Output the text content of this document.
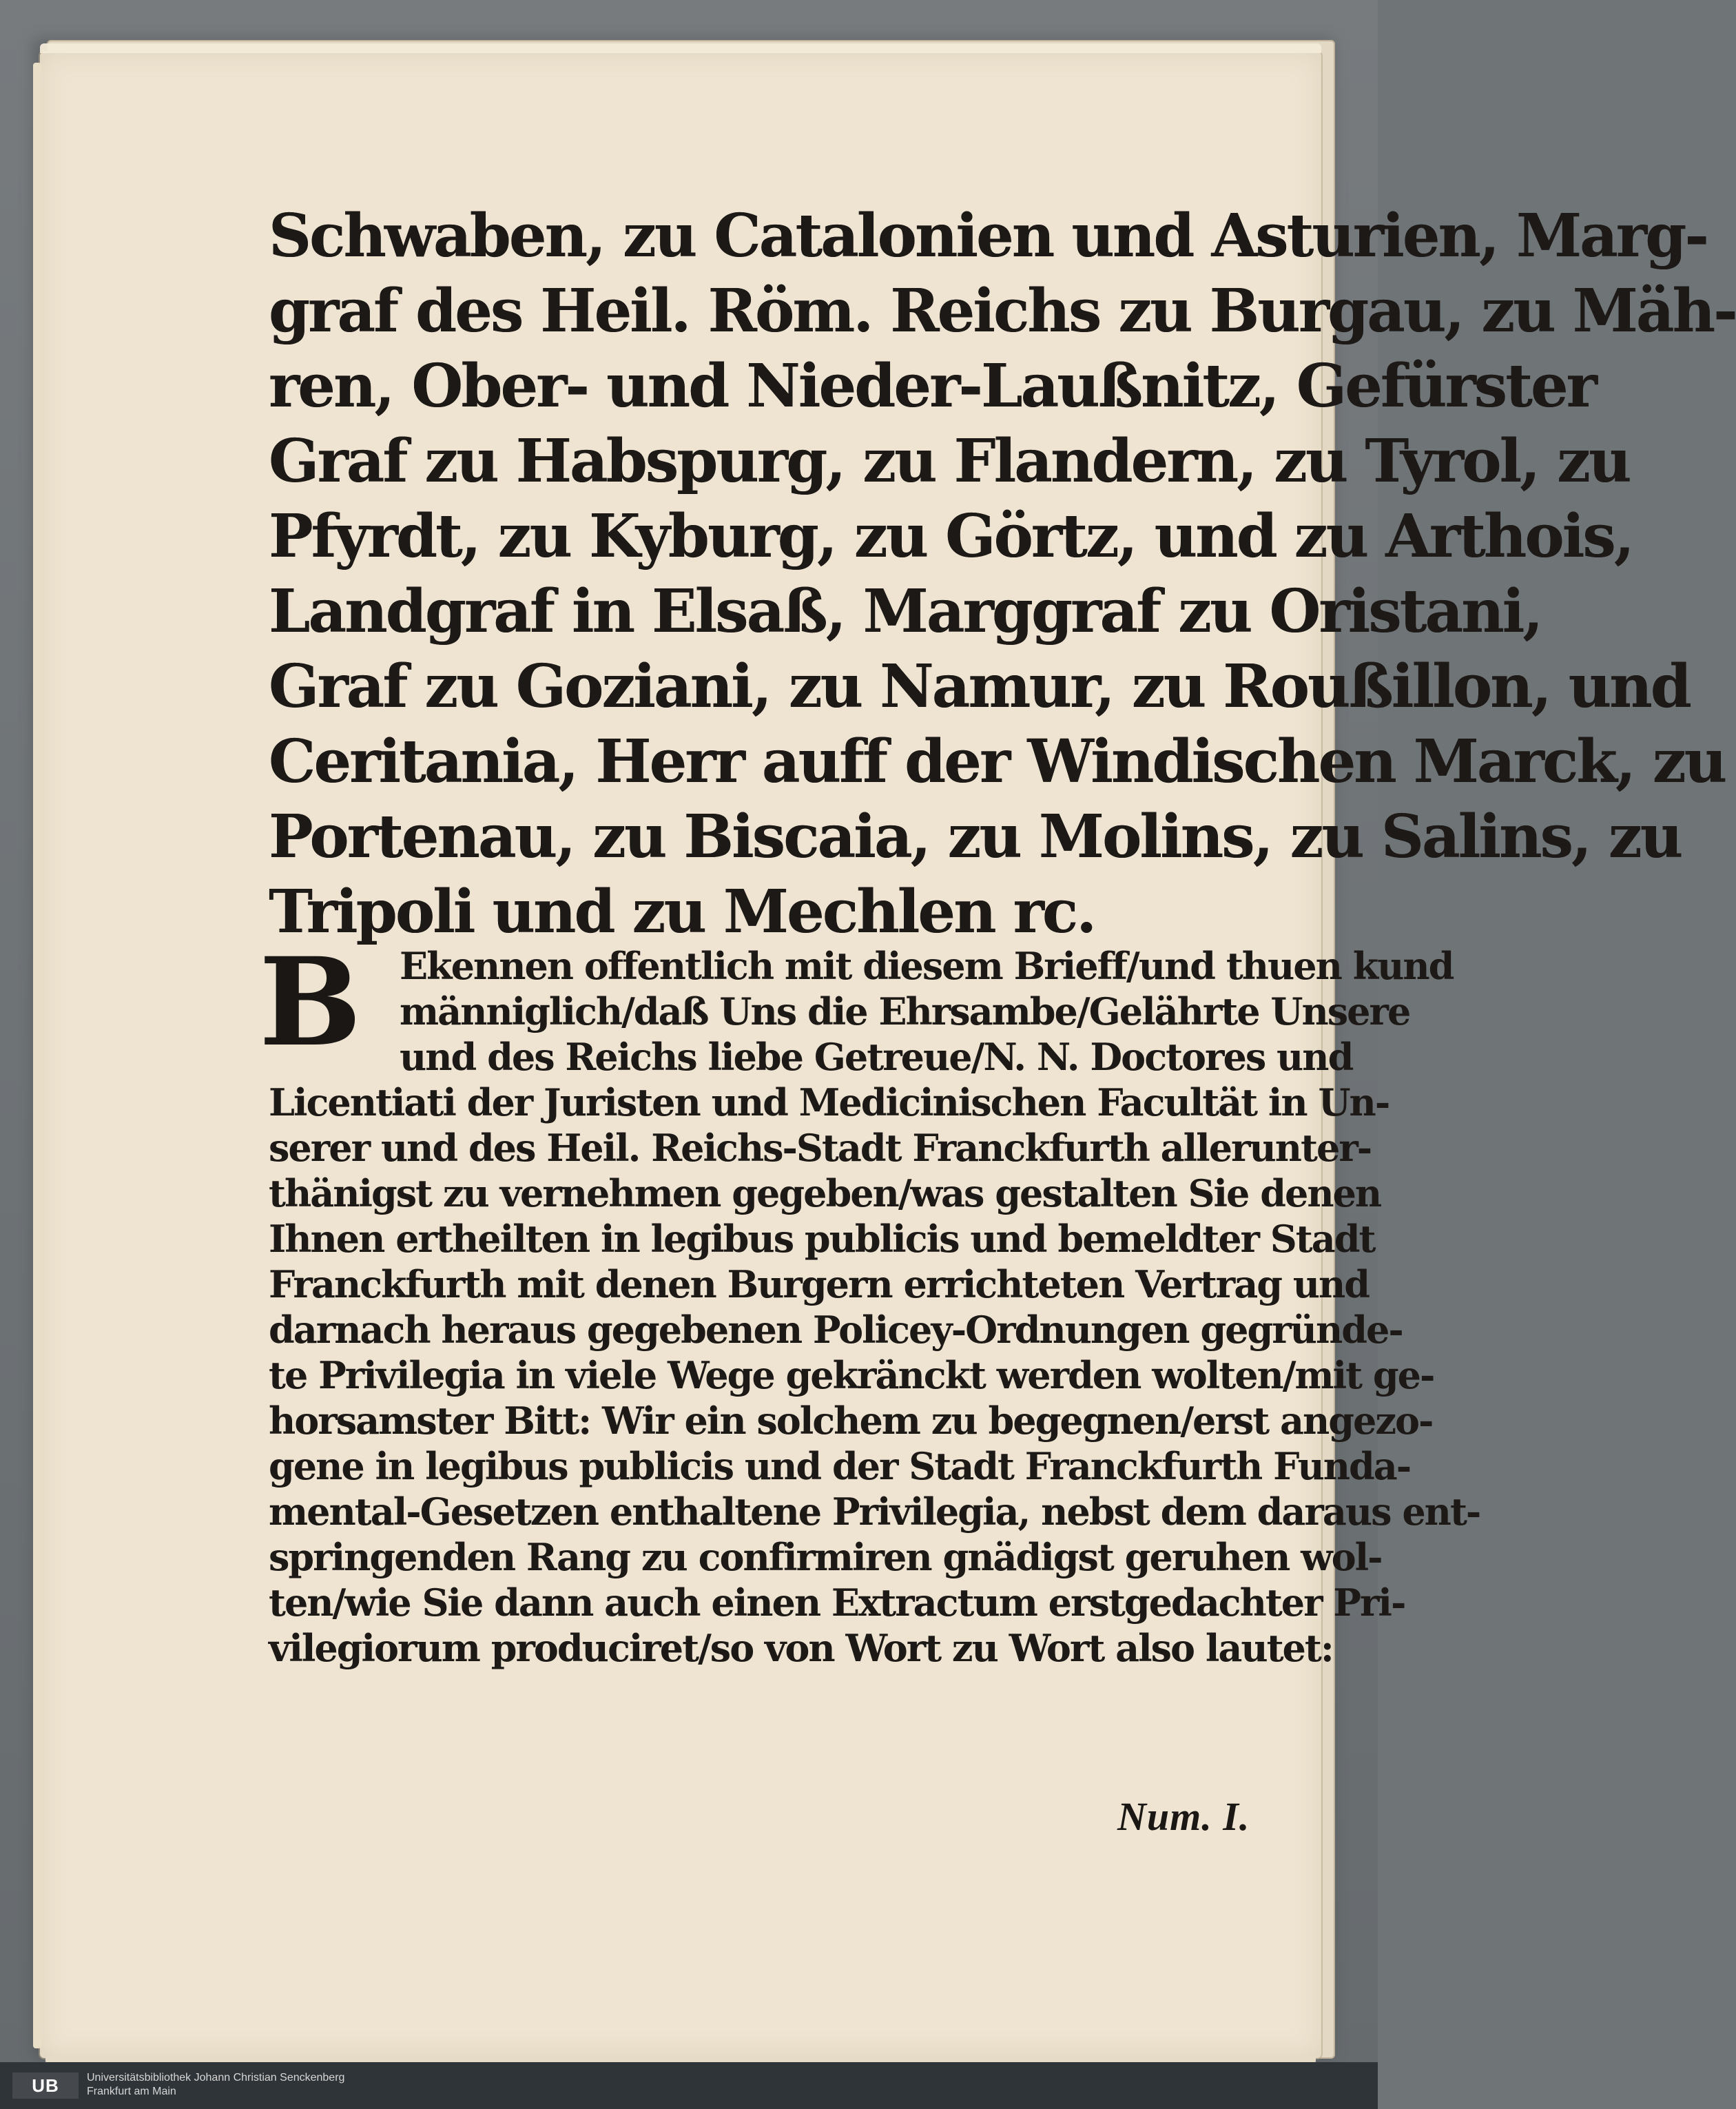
Schwaben, zu Catalonien und Asturien, Marg-

graf des Heil. Röm. Reichs zu Burgau, zu Mäh-

ren, Ober- und Nieder-Laußnitz, Gefürster

Graf zu Habspurg, zu Flandern, zu Tyrol, zu

Pfyrdt, zu Kyburg, zu Görtz, und zu Arthois,

Landgraf in Elsaß, Marggraf zu Oristani,

Graf zu Goziani, zu Namur, zu Roußillon, und

Ceritania, Herr auff der Windischen Marck, zu

Portenau, zu Biscaia, zu Molins, zu Salins, zu

Tripoli und zu Mechlen rc.

B	Ekennen offentlich mit diesem Brieff/und thuen kund

männiglich/daß Uns die Ehrsambe/Gelährte Unsere

und des Reichs liebe Getreue/N. N. Doctores und

Licentiati der Juristen und Medicinischen Facultät in Un-

serer und des Heil. Reichs-Stadt Franckfurth allerunter-

thänigst zu vernehmen gegeben/was gestalten Sie denen

Ihnen ertheilten in legibus publicis und bemeldter Stadt

Franckfurth mit denen Burgern errichteten Vertrag und

darnach heraus gegebenen Policey-Ordnungen gegründe-

te Privilegia in viele Wege gekränckt werden wolten/mit ge-

horsamster Bitt: Wir ein solchem zu begegnen/erst angezo-

gene in legibus publicis und der Stadt Franckfurth Funda-

mental-Gesetzen enthaltene Privilegia, nebst dem daraus ent-

springenden Rang zu confirmiren gnädigst geruhen wol-

ten/wie Sie dann auch einen Extractum erstgedachter Pri-

vilegiorum produciret/so von Wort zu Wort also lautet:

Num. I.
UB	Universitätsbibliothek Johann Christian Senckenberg
Frankfurt am Main
